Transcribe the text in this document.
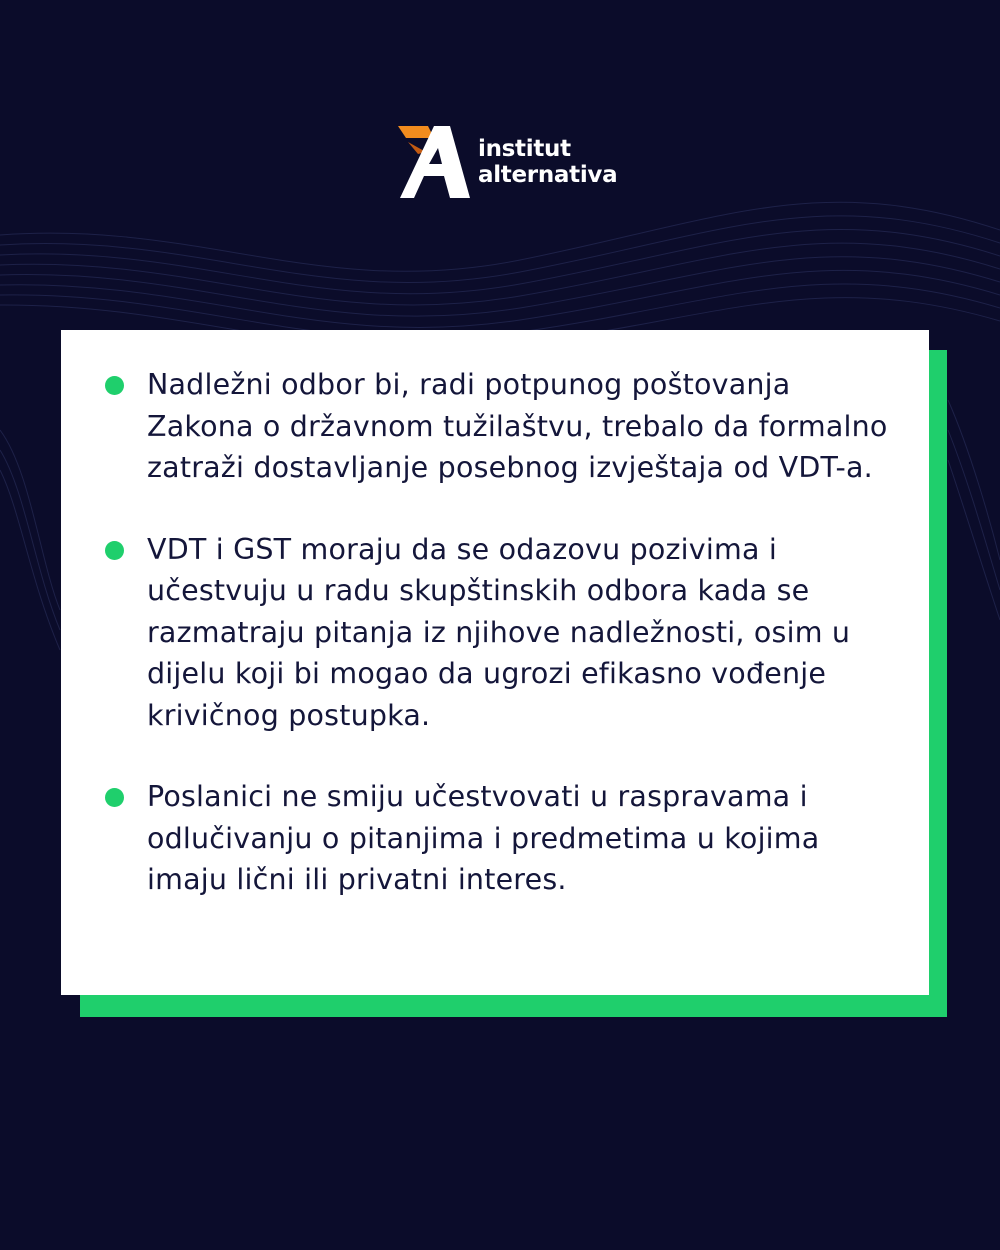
institut
alternativa

Nadležni odbor bi, radi potpunog poštovanja Zakona o državnom tužilaštvu, trebalo da formalno zatraži dostavljanje posebnog izvještaja od VDT-a.

VDT i GST moraju da se odazovu pozivima i učestvuju u radu skupštinskih odbora kada se razmatraju pitanja iz njihove nadležnosti, osim u dijelu koji bi mogao da ugrozi efikasno vođenje krivičnog postupka.

Poslanici ne smiju učestvovati u raspravama i odlučivanju o pitanjima i predmetima u kojima imaju lični ili privatni interes.
